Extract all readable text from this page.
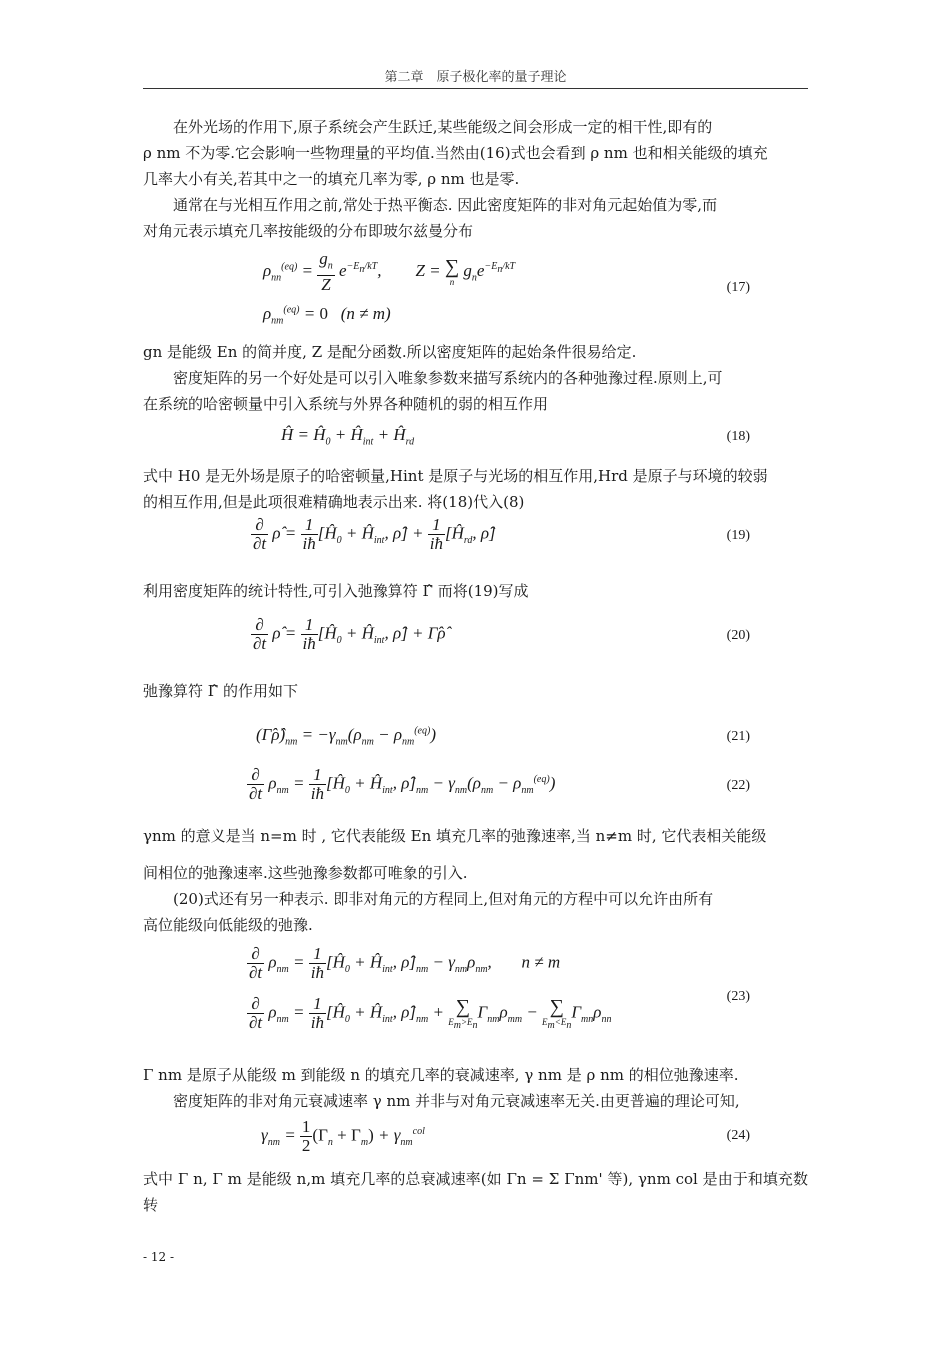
第二章　原子极化率的量子理论

在外光场的作用下,原子系统会产生跃迁,某些能级之间会形成一定的相干性,即有的

ρ nm 不为零.它会影响一些物理量的平均值.当然由(16)式也会看到 ρ nm 也和相关能级的填充

几率大小有关,若其中之一的填充几率为零, ρ nm 也是零.

通常在与光相互作用之前,常处于热平衡态. 因此密度矩阵的非对角元起始值为零,而

对角元表示填充几率按能级的分布即玻尔兹曼分布

$\rho_{nn}^{(eq)} = \frac{g_n}{Z} e^{-E_n/kT}$,        Z = ∑
n
$g_ne^{-E_n/kT}$
$\rho_{nm}^{(eq)} = 0$   (n ≠ m)
(17)

gn 是能级 En 的简并度, Z 是配分函数.所以密度矩阵的起始条件很易给定.

密度矩阵的另一个好处是可以引入唯象参数来描写系统内的各种弛豫过程.原则上,可

在系统的哈密顿量中引入系统与外界各种随机的弱的相互作用

Ĥ = $Ĥ_0$ + $Ĥ_{int}$ + $Ĥ_{rd}$	(18)

式中 H0 是无外场是原子的哈密顿量,Hint 是原子与光场的相互作用,Hrd 是原子与环境的较弱

的相互作用,但是此项很难精确地表示出来. 将(18)代入(8)

$\frac{\partial}{\partial t}$ ρ̂ = $\frac{1}{iħ}$ [$Ĥ_0$ + $Ĥ_{int}$, ρ̂] + $\frac{1}{iħ}$ [$Ĥ_{rd}$, ρ̂]	(19)

利用密度矩阵的统计特性,可引入弛豫算符 Γ̂ 而将(19)写成

$\frac{\partial}{\partial t}$ ρ̂ = $\frac{1}{iħ}$ [$Ĥ_0$ + $Ĥ_{int}$, ρ̂] + Γ̂ρ̂	(20)

弛豫算符 Γ̂ 的作用如下

$(\Gammâ\rhô)_{nm} = -\gamma_{nm}(\rho_{nm} - \rho_{nm}^{(eq)})$	(21)
$\frac{\partial}{\partial t} \rho_{nm} = \frac{1}{iħ}$ [$Ĥ_0$ + $Ĥ_{int}$, $\rhô]_{nm} - \gamma_{nm}(\rho_{nm} - \rho_{nm}^{(eq)})$	(22)

γnm 的意义是当 n=m 时 , 它代表能级 En 填充几率的弛豫速率,当 n≠m 时, 它代表相关能级

间相位的弛豫速率.这些弛豫参数都可唯象的引入.

(20)式还有另一种表示. 即非对角元的方程同上,但对角元的方程中可以允许由所有

高位能级向低能级的弛豫.

$\frac{\partial}{\partial t} \rho_{nm} = \frac{1}{iħ}$ [$Ĥ_0$ + $Ĥ_{int}$, $\rhô]_{nm} - \gamma_{nm}\rho_{nm}$,       n ≠ m
$\frac{\partial}{\partial t} \rho_{nm} = \frac{1}{iħ}$ [$Ĥ_0$ + $Ĥ_{int}$, $\rhô]_{nm}$ + ∑
$E_m>E_n$
$\Gamma_{nm}\rho_{mm}$ − ∑
$E_m<E_n$
$\Gamma_{mn}\rho_{nn}$
(23)

Γ nm 是原子从能级 m 到能级 n 的填充几率的衰减速率, γ nm 是 ρ nm 的相位弛豫速率.

密度矩阵的非对角元衰减速率 γ nm 并非与对角元衰减速率无关.由更普遍的理论可知,

$\gamma_{nm} = \frac{1}{2} (\Gamma_n + \Gamma_m) + \gamma_{nm}^{col}$	(24)

式中 Γ n, Γ m 是能级 n,m 填充几率的总衰减速率(如 Γn = Σ Γnm' 等), γnm col 是由于和填充数转

- 12 -
